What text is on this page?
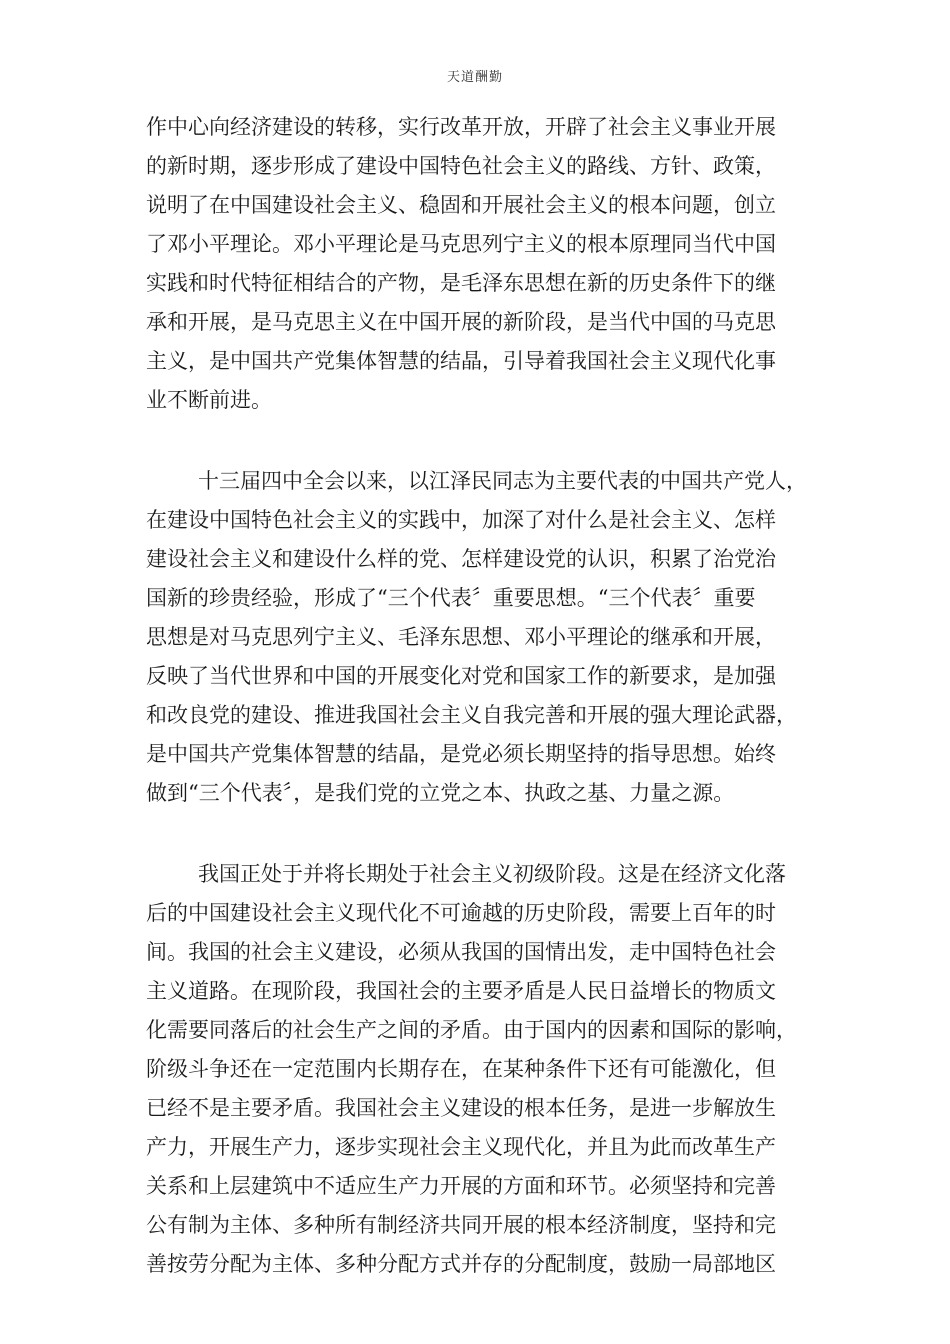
天道酬勤
作中心向经济建设的转移，实行改革开放，开辟了社会主义事业开展
的新时期，逐步形成了建设中国特色社会主义的路线、方针、政策，
说明了在中国建设社会主义、稳固和开展社会主义的根本问题，创立
了邓小平理论。邓小平理论是马克思列宁主义的根本原理同当代中国
实践和时代特征相结合的产物，是毛泽东思想在新的历史条件下的继
承和开展，是马克思主义在中国开展的新阶段，是当代中国的马克思
主义，是中国共产党集体智慧的结晶，引导着我国社会主义现代化事
业不断前进。
十三届四中全会以来，以江泽民同志为主要代表的中国共产党人，
在建设中国特色社会主义的实践中，加深了对什么是社会主义、怎样
建设社会主义和建设什么样的党、怎样建设党的认识，积累了治党治
国新的珍贵经验，形成了“三个代表〞重要思想。“三个代表〞重要
思想是对马克思列宁主义、毛泽东思想、邓小平理论的继承和开展，
反映了当代世界和中国的开展变化对党和国家工作的新要求，是加强
和改良党的建设、推进我国社会主义自我完善和开展的强大理论武器，
是中国共产党集体智慧的结晶，是党必须长期坚持的指导思想。始终
做到“三个代表〞，是我们党的立党之本、执政之基、力量之源。
我国正处于并将长期处于社会主义初级阶段。这是在经济文化落
后的中国建设社会主义现代化不可逾越的历史阶段，需要上百年的时
间。我国的社会主义建设，必须从我国的国情出发，走中国特色社会
主义道路。在现阶段，我国社会的主要矛盾是人民日益增长的物质文
化需要同落后的社会生产之间的矛盾。由于国内的因素和国际的影响，
阶级斗争还在一定范围内长期存在，在某种条件下还有可能激化，但
已经不是主要矛盾。我国社会主义建设的根本任务，是进一步解放生
产力，开展生产力，逐步实现社会主义现代化，并且为此而改革生产
关系和上层建筑中不适应生产力开展的方面和环节。必须坚持和完善
公有制为主体、多种所有制经济共同开展的根本经济制度，坚持和完
善按劳分配为主体、多种分配方式并存的分配制度，鼓励一局部地区
